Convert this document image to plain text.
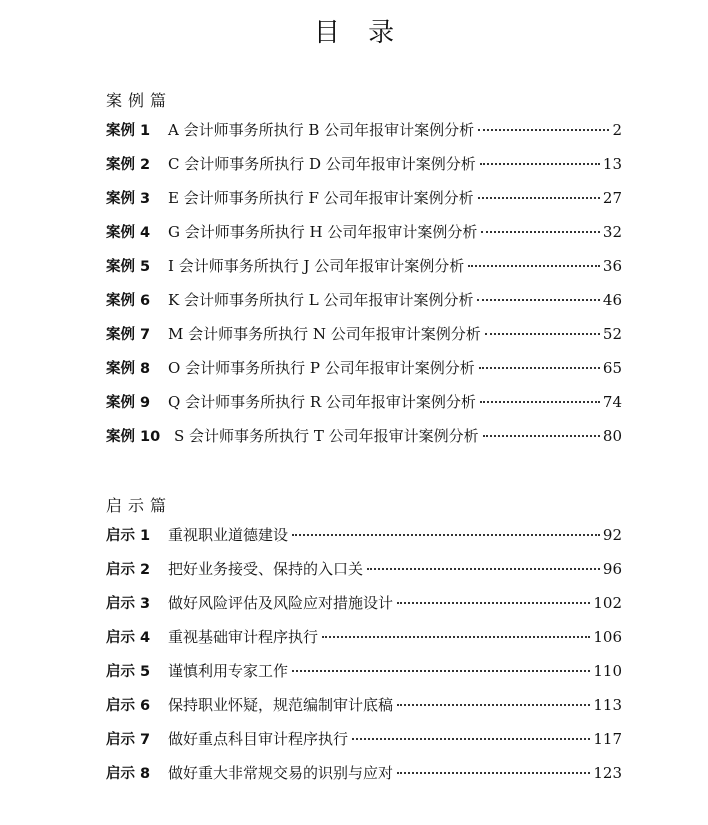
目 录
案例篇
案例 1	A 会计师事务所执行 B 公司年报审计案例分析	2
案例 2	C 会计师事务所执行 D 公司年报审计案例分析	13
案例 3	E 会计师事务所执行 F 公司年报审计案例分析	27
案例 4	G 会计师事务所执行 H 公司年报审计案例分析	32
案例 5	I 会计师事务所执行 J 公司年报审计案例分析	36
案例 6	K 会计师事务所执行 L 公司年报审计案例分析	46
案例 7	M 会计师事务所执行 N 公司年报审计案例分析	52
案例 8	O 会计师事务所执行 P 公司年报审计案例分析	65
案例 9	Q 会计师事务所执行 R 公司年报审计案例分析	74
案例 10 S 会计师事务所执行 T 公司年报审计案例分析	80
启示篇
启示 1	重视职业道德建设	92
启示 2	把好业务接受、保持的入口关	96
启示 3	做好风险评估及风险应对措施设计	102
启示 4	重视基础审计程序执行	106
启示 5	谨慎利用专家工作	110
启示 6	保持职业怀疑，规范编制审计底稿	113
启示 7	做好重点科目审计程序执行	117
启示 8	做好重大非常规交易的识别与应对	123
